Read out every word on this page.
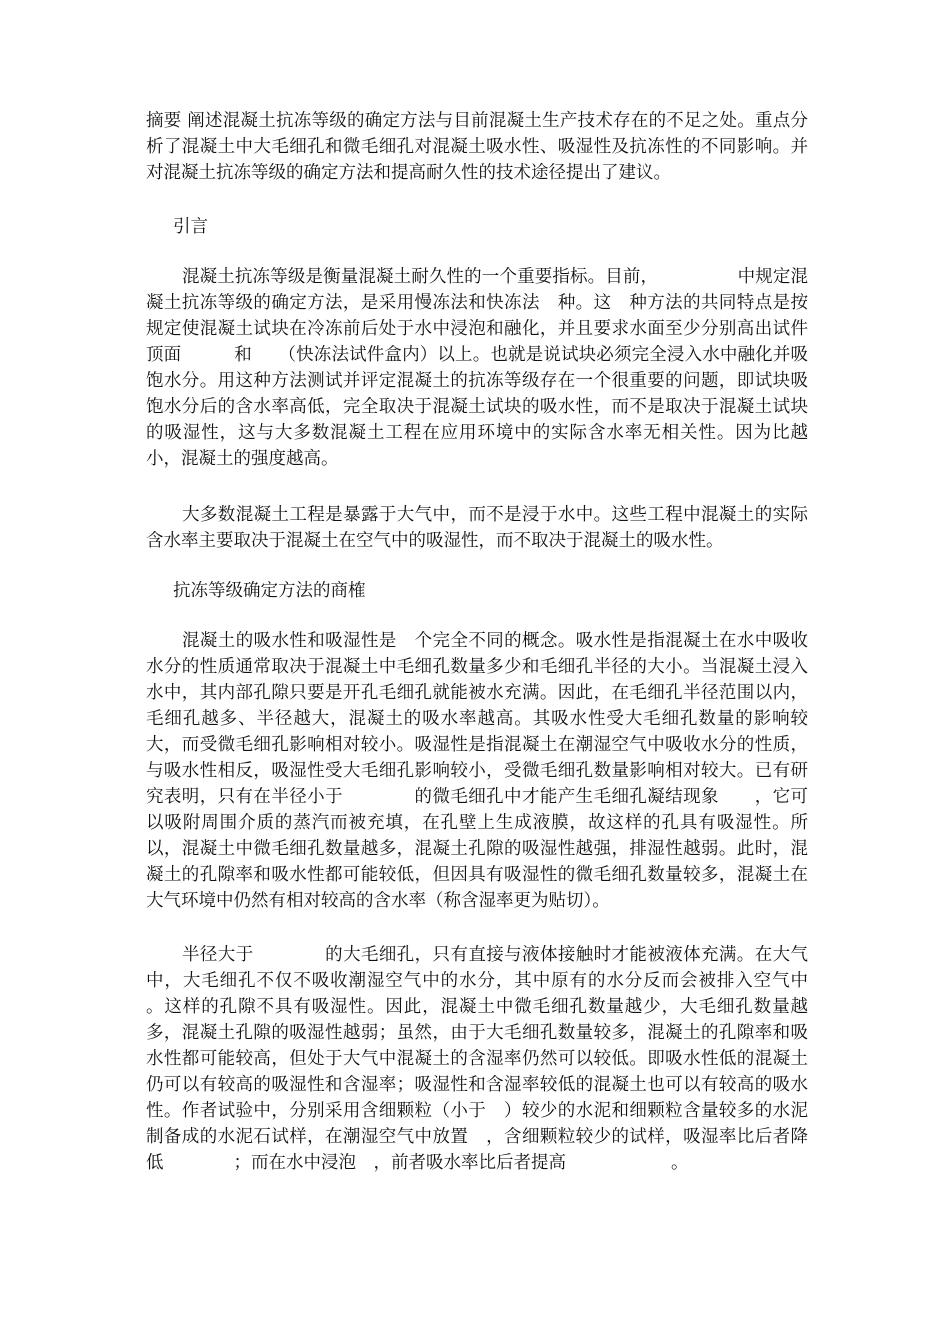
摘要 阐述混凝土抗冻等级的确定方法与目前混凝土生产技术存在的不足之处。重点分析了混凝土中大毛细孔和微毛细孔对混凝土吸水性、吸湿性及抗冻性的不同影响。并对混凝土抗冻等级的确定方法和提高耐久性的技术途径提出了建议。

引言

混凝土抗冻等级是衡量混凝土耐久性的一个重要指标。目前，　　　　　中规定混凝土抗冻等级的确定方法，是采用慢冻法和快冻法　种。这　种方法的共同特点是按规定使混凝土试块在冷冻前后处于水中浸泡和融化，并且要求水面至少分别高出试件顶面　　　和　　（快冻法试件盒内）以上。也就是说试块必须完全浸入水中融化并吸饱水分。用这种方法测试并评定混凝土的抗冻等级存在一个很重要的问题，即试块吸饱水分后的含水率高低，完全取决于混凝土试块的吸水性，而不是取决于混凝土试块的吸湿性，这与大多数混凝土工程在应用环境中的实际含水率无相关性。因为比越小，混凝土的强度越高。

大多数混凝土工程是暴露于大气中，而不是浸于水中。这些工程中混凝土的实际含水率主要取决于混凝土在空气中的吸湿性，而不取决于混凝土的吸水性。

抗冻等级确定方法的商榷

混凝土的吸水性和吸湿性是　个完全不同的概念。吸水性是指混凝土在水中吸收水分的性质通常取决于混凝土中毛细孔数量多少和毛细孔半径的大小。当混凝土浸入水中，其内部孔隙只要是开孔毛细孔就能被水充满。因此，在毛细孔半径范围以内，毛细孔越多、半径越大，混凝土的吸水率越高。其吸水性受大毛细孔数量的影响较大，而受微毛细孔影响相对较小。吸湿性是指混凝土在潮湿空气中吸收水分的性质，与吸水性相反，吸湿性受大毛细孔影响较小，受微毛细孔数量影响相对较大。已有研究表明，只有在半径小于　　　　的微毛细孔中才能产生毛细孔凝结现象　　，它可以吸附周围介质的蒸汽而被充填，在孔壁上生成液膜，故这样的孔具有吸湿性。所以，混凝土中微毛细孔数量越多，混凝土孔隙的吸湿性越强，排湿性越弱。此时，混凝土的孔隙率和吸水性都可能较低，但因具有吸湿性的微毛细孔数量较多，混凝土在大气环境中仍然有相对较高的含水率（称含湿率更为贴切）。

半径大于　　　　的大毛细孔，只有直接与液体接触时才能被液体充满。在大气中，大毛细孔不仅不吸收潮湿空气中的水分，其中原有的水分反而会被排入空气中　　。这样的孔隙不具有吸湿性。因此，混凝土中微毛细孔数量越少，大毛细孔数量越多，混凝土孔隙的吸湿性越弱；虽然，由于大毛细孔数量较多，混凝土的孔隙率和吸水性都可能较高，但处于大气中混凝土的含湿率仍然可以较低。即吸水性低的混凝土仍可以有较高的吸湿性和含湿率；吸湿性和含湿率较低的混凝土也可以有较高的吸水性。作者试验中，分别采用含细颗粒（小于　）较少的水泥和细颗粒含量较多的水泥制备成的水泥石试样，在潮湿空气中放置　，含细颗粒较少的试样，吸湿率比后者降低　　　　；而在水中浸泡　，前者吸水率比后者提高　　　　　　。
